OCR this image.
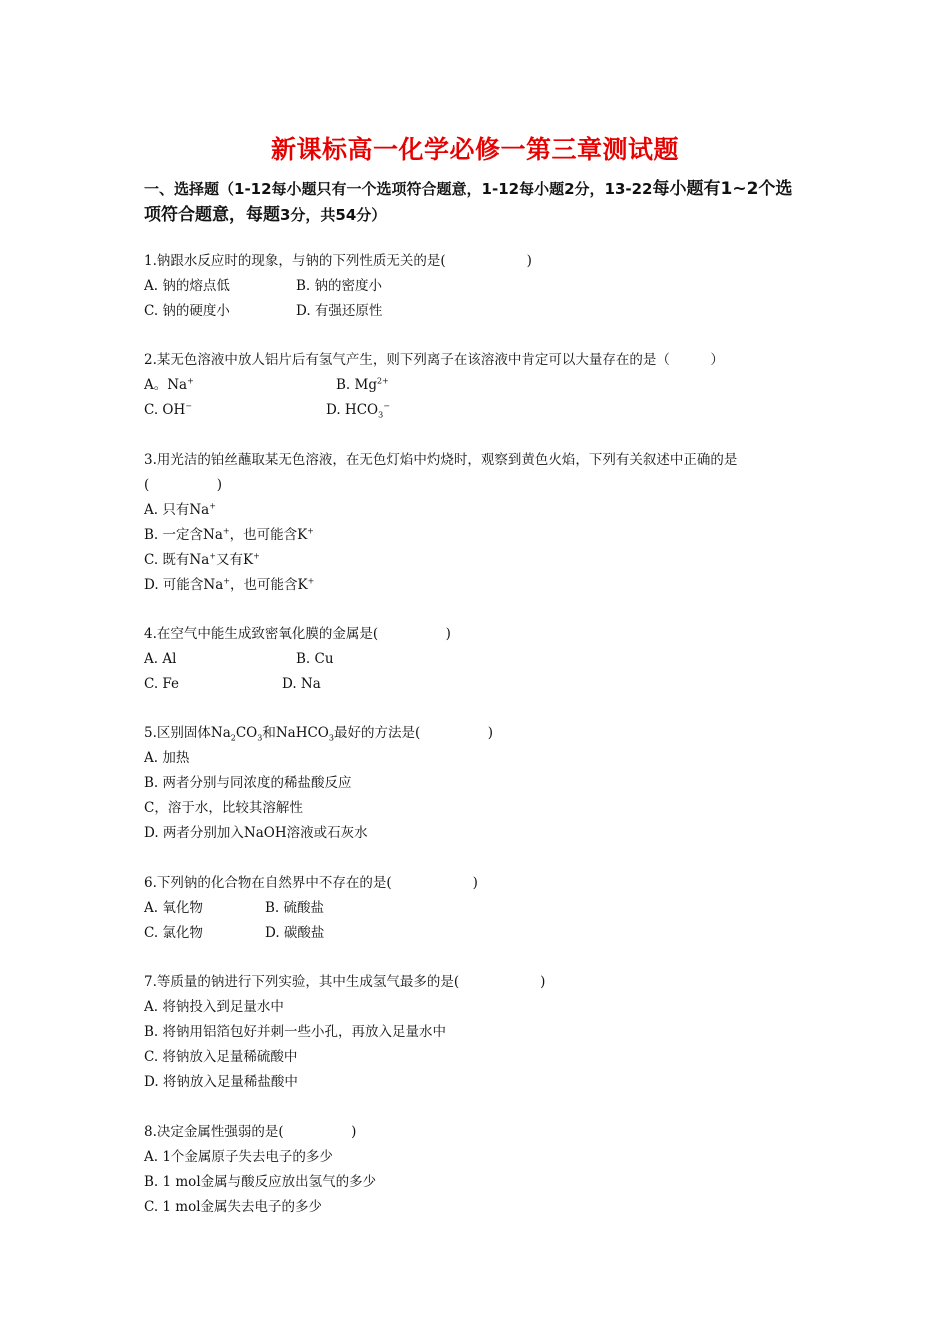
新课标高一化学必修一第三章测试题
一、选择题（1-12每小题只有一个选项符合题意，1-12每小题2分，13-22每小题有1~2个选
项符合题意，每题3分，共54分）
1.钠跟水反应时的现象，与钠的下列性质无关的是(　　　　　　)
A. 钠的熔点低	B. 钠的密度小
C. 钠的硬度小	D. 有强还原性
2.某无色溶液中放人铝片后有氢气产生，则下列离子在该溶液中肯定可以大量存在的是（　　　）
A。Na+	B. $Mg^{2+}$
C. OH−	D. $HCO_3^-$
3.用光洁的铂丝蘸取某无色溶液，在无色灯焰中灼烧时，观察到黄色火焰，下列有关叙述中正确的是(　　　　　)
A. 只有Na+
B. 一定含Na+，也可能含K+
C. 既有Na+又有K+
D. 可能含Na+，也可能含K+
4.在空气中能生成致密氧化膜的金属是(　　　　　)
A. Al	B. Cu
C. Fe	D. Na
5.区别固体$Na_2CO_3$和NaHCO$_3$最好的方法是(　　　　　)
A. 加热
B. 两者分别与同浓度的稀盐酸反应
C，溶于水，比较其溶解性
D. 两者分别加入NaOH溶液或石灰水
6.下列钠的化合物在自然界中不存在的是(　　　　　　)
A. 氧化物	B. 硫酸盐
C. 氯化物	D. 碳酸盐
7.等质量的钠进行下列实验，其中生成氢气最多的是(　　　　　　)
A. 将钠投入到足量水中
B. 将钠用铝箔包好并刺一些小孔，再放入足量水中
C. 将钠放入足量稀硫酸中
D. 将钠放入足量稀盐酸中
8.决定金属性强弱的是(　　　　　)
A. 1个金属原子失去电子的多少
B. 1 mol金属与酸反应放出氢气的多少
C. 1 mol金属失去电子的多少
